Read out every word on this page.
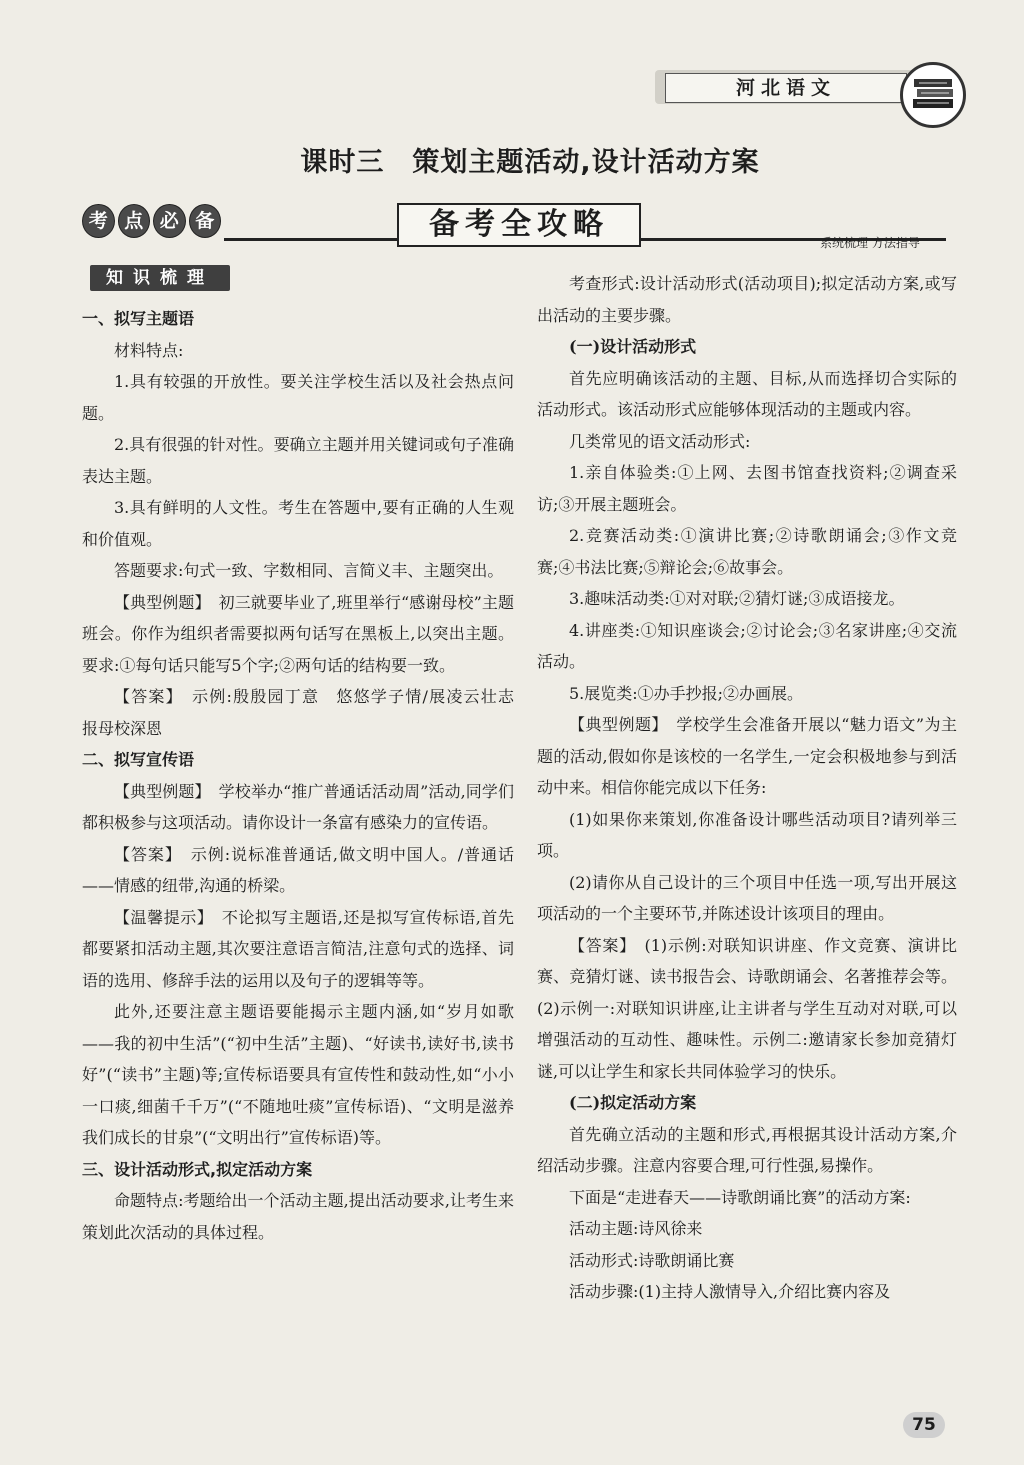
河北语文
课时三　策划主题活动,设计活动方案
考 点 必 备	备考全攻略
系统梳理 方法指导
知识梳理

一、拟写主题语

材料特点:

1.具有较强的开放性。要关注学校生活以及社会热点问题。

2.具有很强的针对性。要确立主题并用关键词或句子准确表达主题。

3.具有鲜明的人文性。考生在答题中,要有正确的人生观和价值观。

答题要求:句式一致、字数相同、言简义丰、主题突出。

【典型例题】　初三就要毕业了,班里举行“感谢母校”主题班会。你作为组织者需要拟两句话写在黑板上,以突出主题。要求:①每句话只能写5个字;②两句话的结构要一致。

【答案】　示例:殷殷园丁意　悠悠学子情/展凌云壮志　报母校深恩

二、拟写宣传语

【典型例题】　学校举办“推广普通话活动周”活动,同学们都积极参与这项活动。请你设计一条富有感染力的宣传语。

【答案】　示例:说标准普通话,做文明中国人。/普通话——情感的纽带,沟通的桥梁。

【温馨提示】　不论拟写主题语,还是拟写宣传标语,首先都要紧扣活动主题,其次要注意语言简洁,注意句式的选择、词语的选用、修辞手法的运用以及句子的逻辑等等。

此外,还要注意主题语要能揭示主题内涵,如“岁月如歌——我的初中生活”(“初中生活”主题)、“好读书,读好书,读书好”(“读书”主题)等;宣传标语要具有宣传性和鼓动性,如“小小一口痰,细菌千千万”(“不随地吐痰”宣传标语)、“文明是滋养我们成长的甘泉”(“文明出行”宣传标语)等。

三、设计活动形式,拟定活动方案

命题特点:考题给出一个活动主题,提出活动要求,让考生来策划此次活动的具体过程。

考查形式:设计活动形式(活动项目);拟定活动方案,或写出活动的主要步骤。

(一)设计活动形式

首先应明确该活动的主题、目标,从而选择切合实际的活动形式。该活动形式应能够体现活动的主题或内容。

几类常见的语文活动形式:

1.亲自体验类:①上网、去图书馆查找资料;②调查采访;③开展主题班会。

2.竞赛活动类:①演讲比赛;②诗歌朗诵会;③作文竞赛;④书法比赛;⑤辩论会;⑥故事会。

3.趣味活动类:①对对联;②猜灯谜;③成语接龙。

4.讲座类:①知识座谈会;②讨论会;③名家讲座;④交流活动。

5.展览类:①办手抄报;②办画展。

【典型例题】　学校学生会准备开展以“魅力语文”为主题的活动,假如你是该校的一名学生,一定会积极地参与到活动中来。相信你能完成以下任务:

(1)如果你来策划,你准备设计哪些活动项目?请列举三项。

(2)请你从自己设计的三个项目中任选一项,写出开展这项活动的一个主要环节,并陈述设计该项目的理由。

【答案】　(1)示例:对联知识讲座、作文竞赛、演讲比赛、竞猜灯谜、读书报告会、诗歌朗诵会、名著推荐会等。(2)示例一:对联知识讲座,让主讲者与学生互动对对联,可以增强活动的互动性、趣味性。示例二:邀请家长参加竞猜灯谜,可以让学生和家长共同体验学习的快乐。

(二)拟定活动方案

首先确立活动的主题和形式,再根据其设计活动方案,介绍活动步骤。注意内容要合理,可行性强,易操作。

下面是“走进春天——诗歌朗诵比赛”的活动方案:

活动主题:诗风徐来

活动形式:诗歌朗诵比赛

活动步骤:(1)主持人激情导入,介绍比赛内容及

75
